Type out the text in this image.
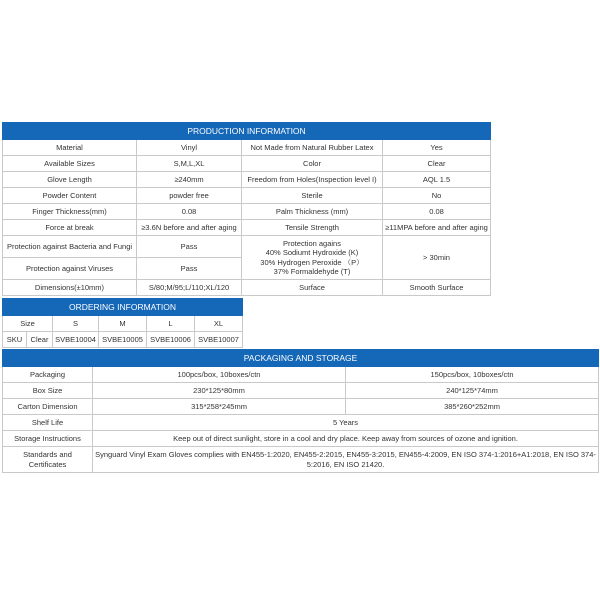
PRODUCTION INFORMATION			
Material	Vinyl	Not Made from Natural Rubber Latex	Yes
Available Sizes	S,M,L,XL	Color	Clear
Glove Length	≥240mm	Freedom from Holes(Inspection level I)	AQL 1.5
Powder Content	powder free	Sterile	No
Finger Thickness(mm)	0.08	Palm Thickness (mm)	0.08
Force at break	≥3.6N before and after aging	Tensile Strength	≥11MPA before and after aging
Protection against Bacteria and Fungi	Pass	Protection agains
40% Sodiumt Hydroxide (K)
30% Hydrogen Peroxide （P）
37% Formaldehyde (T)	> 30min
Protection against Viruses	Pass		
Dimensions(±10mm)	S/80;M/95;L/110;XL/120	Surface	Smooth Surface
ORDERING INFORMATION					
Size		S	M	L	XL
SKU	Clear	SVBE10004	SVBE10005	SVBE10006	SVBE10007
PACKAGING AND STORAGE		
Packaging	100pcs/box, 10boxes/ctn	150pcs/box, 10boxes/ctn
Box Size	230*125*80mm	240*125*74mm
Carton Dimension	315*258*245mm	385*260*252mm
Shelf Life	5 Years	
Storage Instructions	Keep out of direct sunlight, store in a cool and dry place. Keep away from sources of ozone and ignition.	
Standards and Certificates	Synguard Vinyl Exam Gloves complies with EN455-1:2020, EN455-2:2015, EN455-3:2015, EN455-4:2009, EN ISO 374-1:2016+A1:2018, EN ISO 374-5:2016, EN ISO 21420.	
